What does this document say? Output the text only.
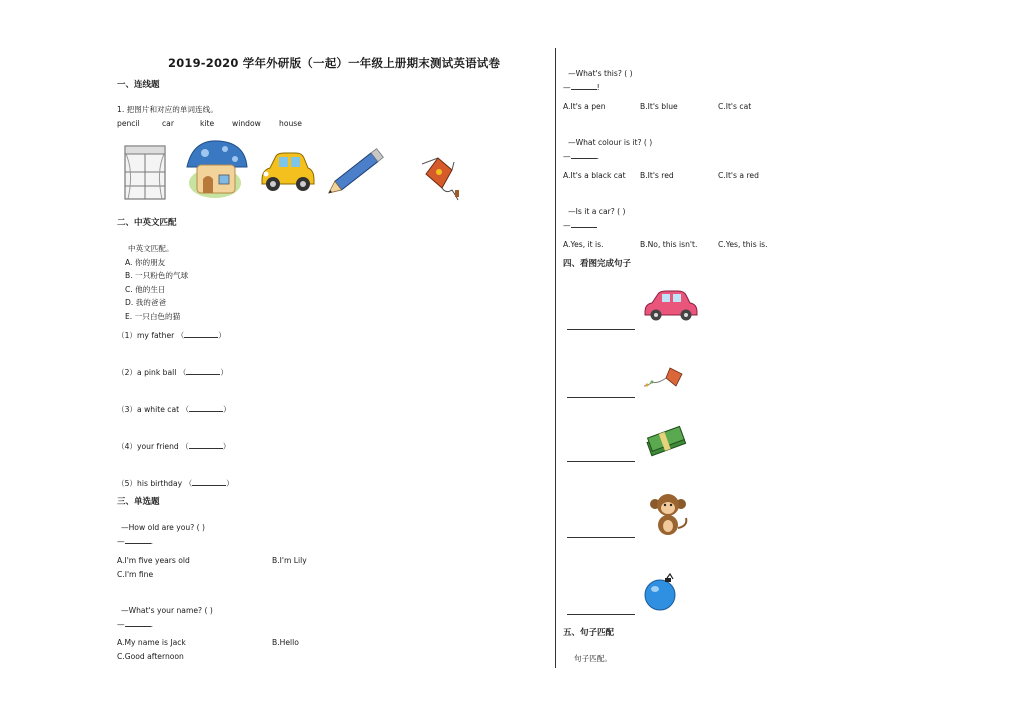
2019-2020 学年外研版（一起）一年级上册期末测试英语试卷
一、连线题
1. 把图片和对应的单词连线。
pencil	car	kite window house
二、中英文匹配
中英文匹配。
A. 你的朋友
B. 一只粉色的气球
C. 他的生日
D. 我的爸爸
E. 一只白色的猫
（1）my father （	）
（2）a pink ball （	）
（3）a white cat （	）
（4）your friend （	）
（5）his birthday （	）
三、单选题
—How old are you? ( )
—	.
A.I'm five years old	B.I'm Lily
C.I'm fine
—What's your name? ( )
—	.
A.My name is Jack	B.Hello
C.Good afternoon
—What's this? ( )
—	!
A.It's a pen	B.It's blue	C.It's cat
—What colour is it? ( )
—	.
A.It's a black cat B.It's red	C.It's a red
—Is it a car? ( )
—
A.Yes, it is.	B.No, this isn't.	C.Yes, this is.
四、看图完成句子
五、句子匹配
句子匹配。
